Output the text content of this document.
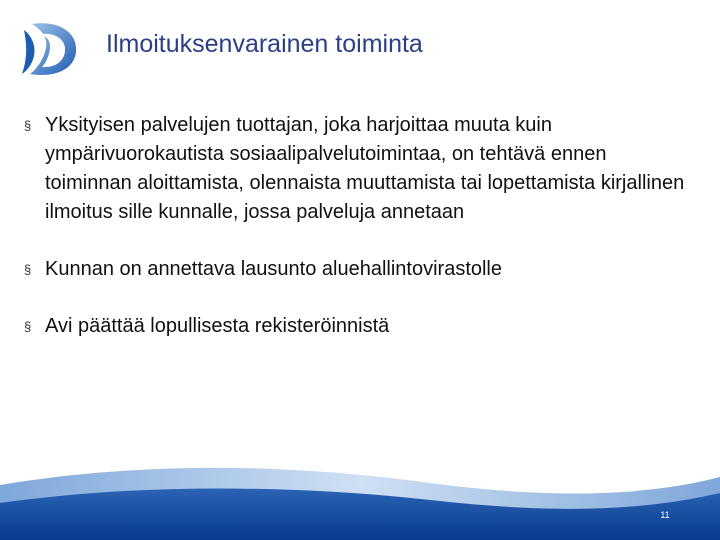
Ilmoituksenvarainen toiminta
§ Yksityisen palvelujen tuottajan, joka harjoittaa muuta kuin ympärivuorokautista sosiaalipalvelutoimintaa, on tehtävä ennen toiminnan aloittamista, olennaista muuttamista tai lopettamista kirjallinen ilmoitus sille kunnalle, jossa palveluja annetaan
§ Kunnan on annettava lausunto aluehallintovirastolle
§ Avi päättää lopullisesta rekisteröinnistä
11
